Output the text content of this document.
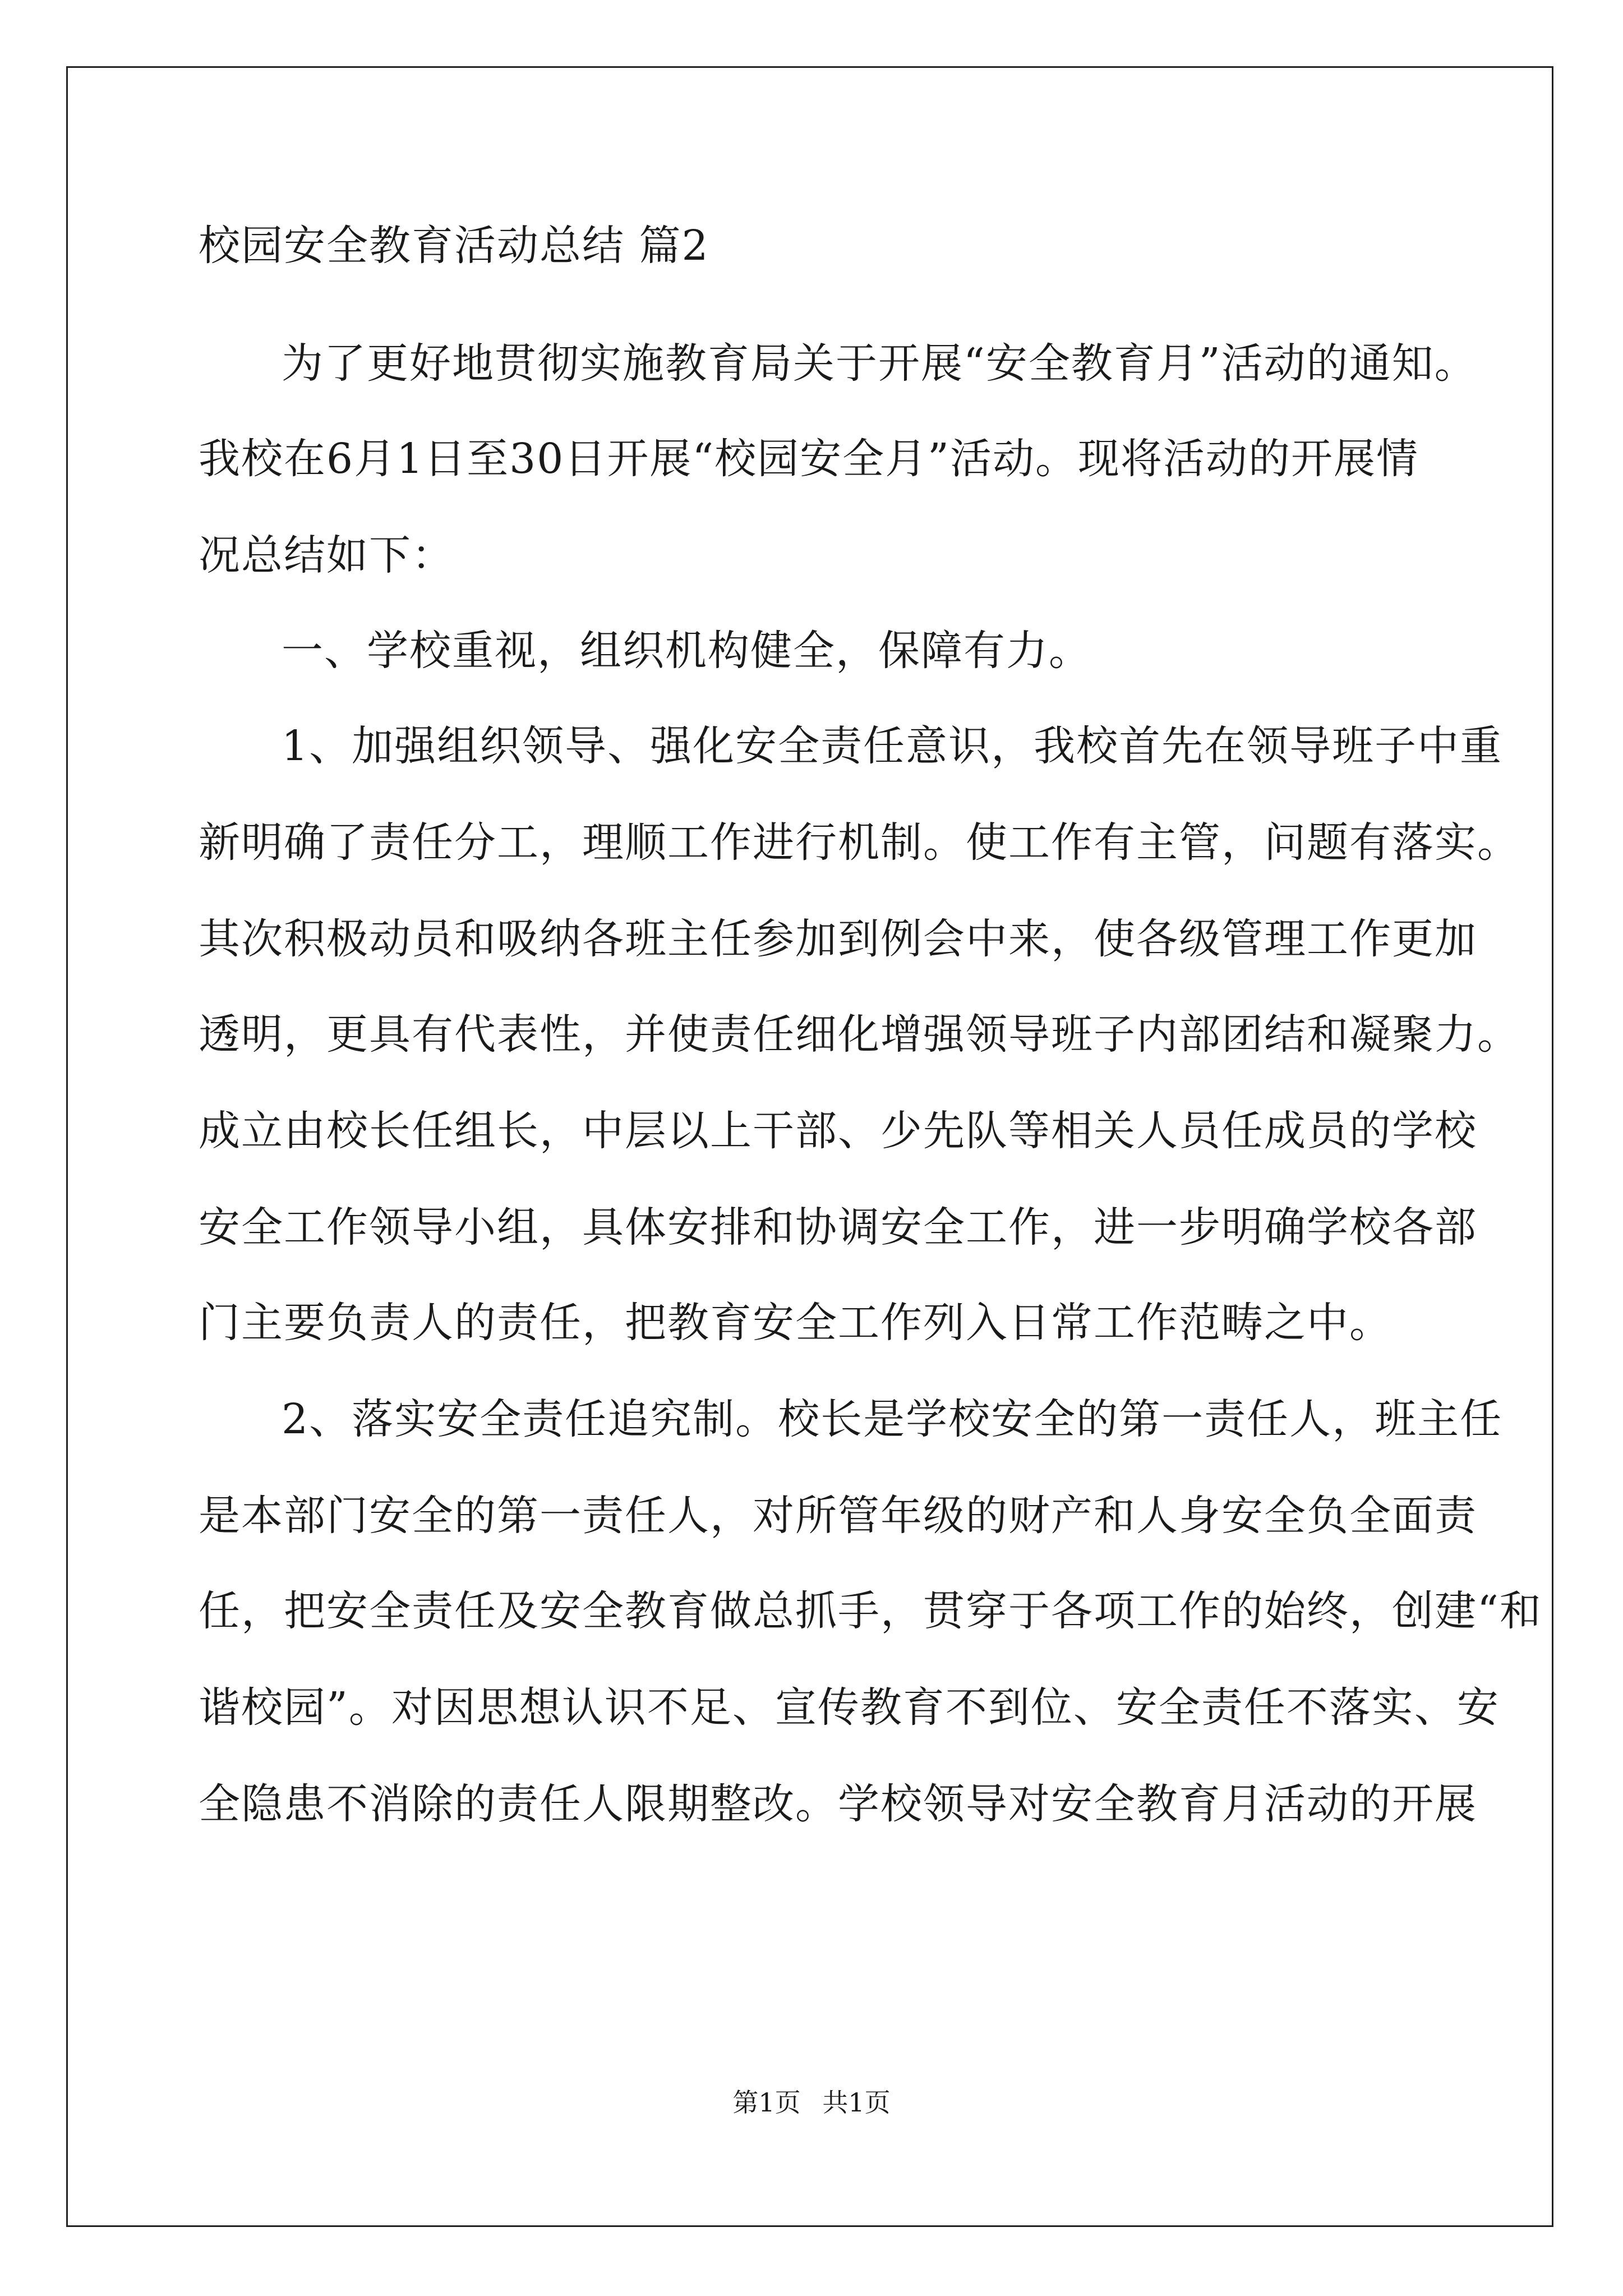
校园安全教育活动总结 篇2
为了更好地贯彻实施教育局关于开展“安全教育月”活动的通知。
我校在6月1日至30日开展“校园安全月”活动。现将活动的开展情
况总结如下：
一、学校重视，组织机构健全，保障有力。
1、加强组织领导、强化安全责任意识，我校首先在领导班子中重
新明确了责任分工，理顺工作进行机制。使工作有主管，问题有落实。
其次积极动员和吸纳各班主任参加到例会中来，使各级管理工作更加
透明，更具有代表性，并使责任细化增强领导班子内部团结和凝聚力。
成立由校长任组长，中层以上干部、少先队等相关人员任成员的学校
安全工作领导小组，具体安排和协调安全工作，进一步明确学校各部
门主要负责人的责任，把教育安全工作列入日常工作范畴之中。
2、落实安全责任追究制。校长是学校安全的第一责任人，班主任
是本部门安全的第一责任人，对所管年级的财产和人身安全负全面责
任，把安全责任及安全教育做总抓手，贯穿于各项工作的始终，创建“和
谐校园”。对因思想认识不足、宣传教育不到位、安全责任不落实、安
全隐患不消除的责任人限期整改。学校领导对安全教育月活动的开展
第1页 共1页
